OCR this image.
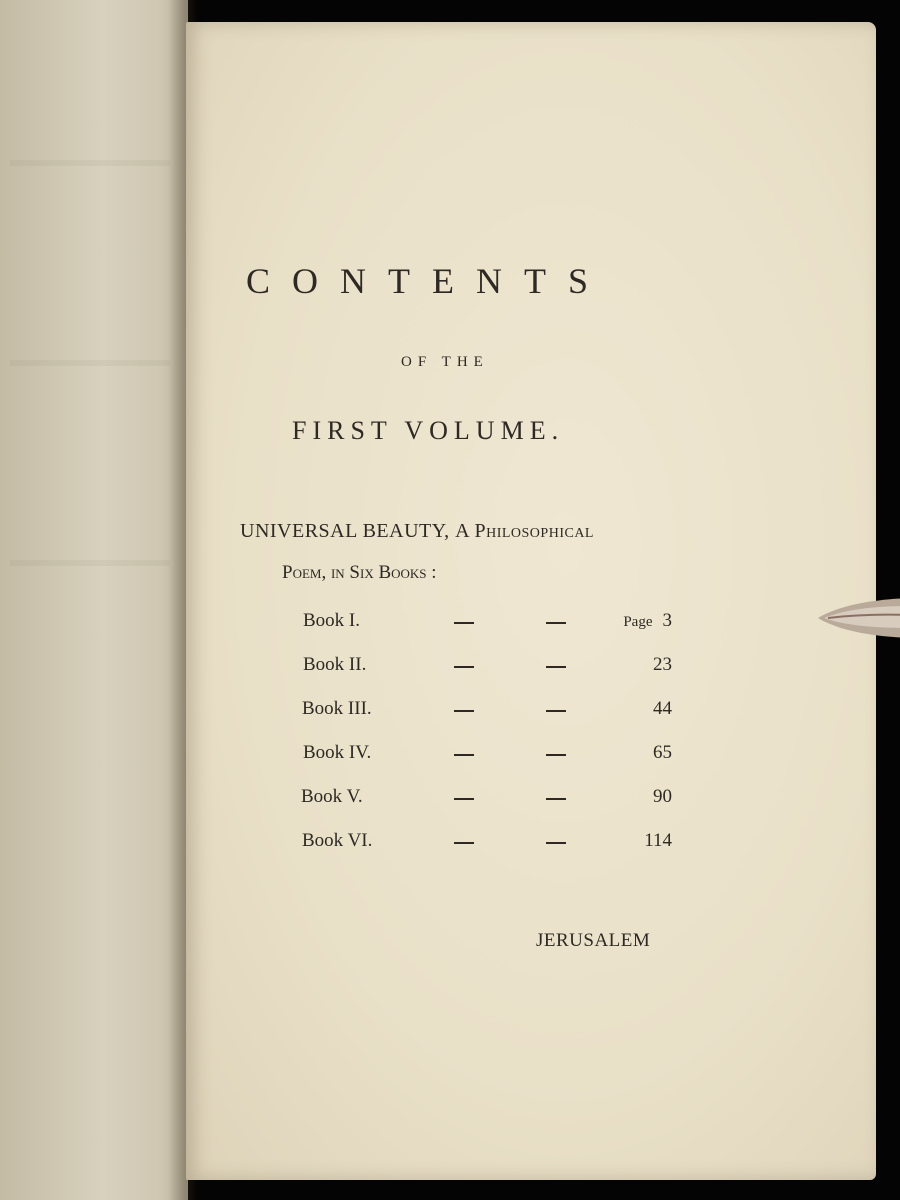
CONTENTS
OF THE
FIRST VOLUME.
UNIVERSAL BEAUTY, A Philosophical
Poem, in Six Books :
Book I.	Page 3
Book II.	23
Book III.	44
Book IV.	65
Book V.	90
Book VI.	114
JERUSALEM
